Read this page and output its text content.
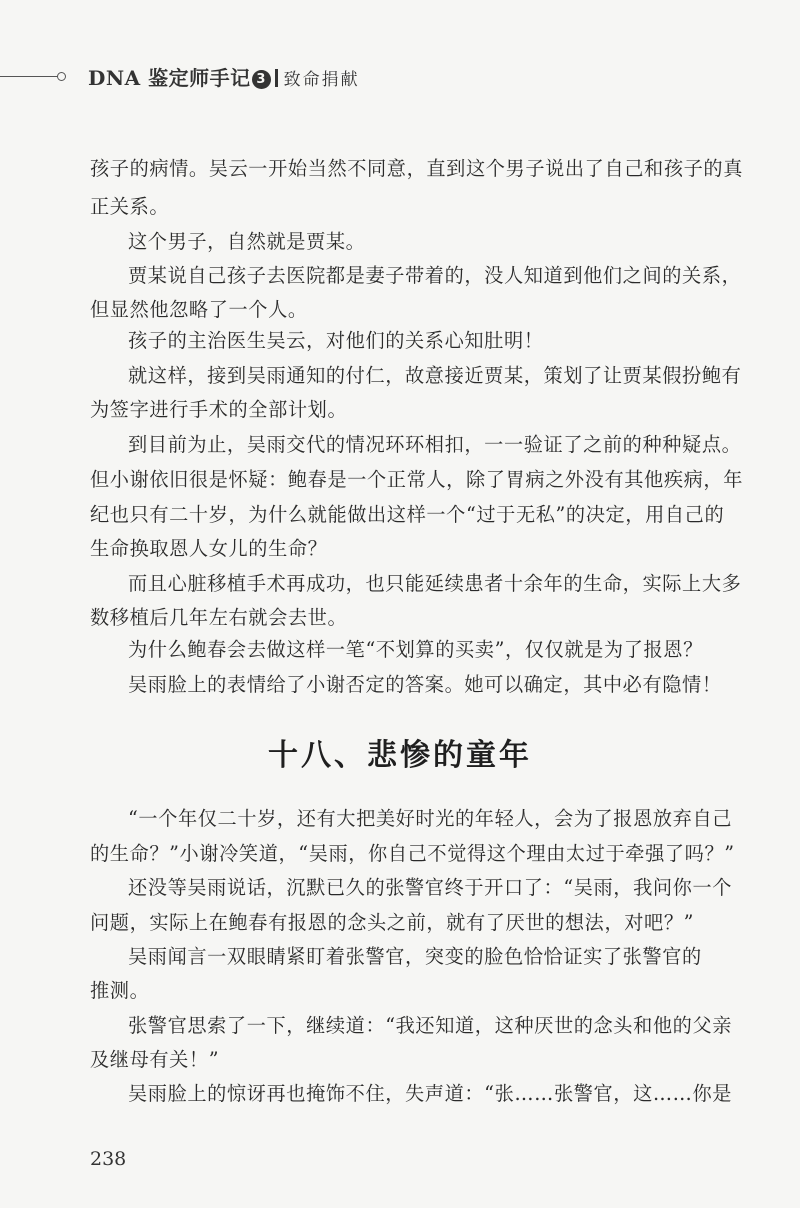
DNA 鉴定师手记 3 致命捐献
孩子的病情。吴云一开始当然不同意，直到这个男子说出了自己和孩子的真
正关系。
这个男子，自然就是贾某。
贾某说自己孩子去医院都是妻子带着的，没人知道到他们之间的关系，
但显然他忽略了一个人。
孩子的主治医生吴云，对他们的关系心知肚明！
就这样，接到吴雨通知的付仁，故意接近贾某，策划了让贾某假扮鲍有
为签字进行手术的全部计划。
到目前为止，吴雨交代的情况环环相扣，一一验证了之前的种种疑点。
但小谢依旧很是怀疑：鲍春是一个正常人，除了胃病之外没有其他疾病，年
纪也只有二十岁，为什么就能做出这样一个“过于无私”的决定，用自己的
生命换取恩人女儿的生命？
而且心脏移植手术再成功，也只能延续患者十余年的生命，实际上大多
数移植后几年左右就会去世。
为什么鲍春会去做这样一笔“不划算的买卖”，仅仅就是为了报恩？
吴雨脸上的表情给了小谢否定的答案。她可以确定，其中必有隐情！
十八、悲惨的童年
“一个年仅二十岁，还有大把美好时光的年轻人，会为了报恩放弃自己
的生命？”小谢冷笑道，“吴雨，你自己不觉得这个理由太过于牵强了吗？”
还没等吴雨说话，沉默已久的张警官终于开口了：“吴雨，我问你一个
问题，实际上在鲍春有报恩的念头之前，就有了厌世的想法，对吧？”
吴雨闻言一双眼睛紧盯着张警官，突变的脸色恰恰证实了张警官的
推测。
张警官思索了一下，继续道：“我还知道，这种厌世的念头和他的父亲
及继母有关！”
吴雨脸上的惊讶再也掩饰不住，失声道：“张……张警官，这……你是
238
